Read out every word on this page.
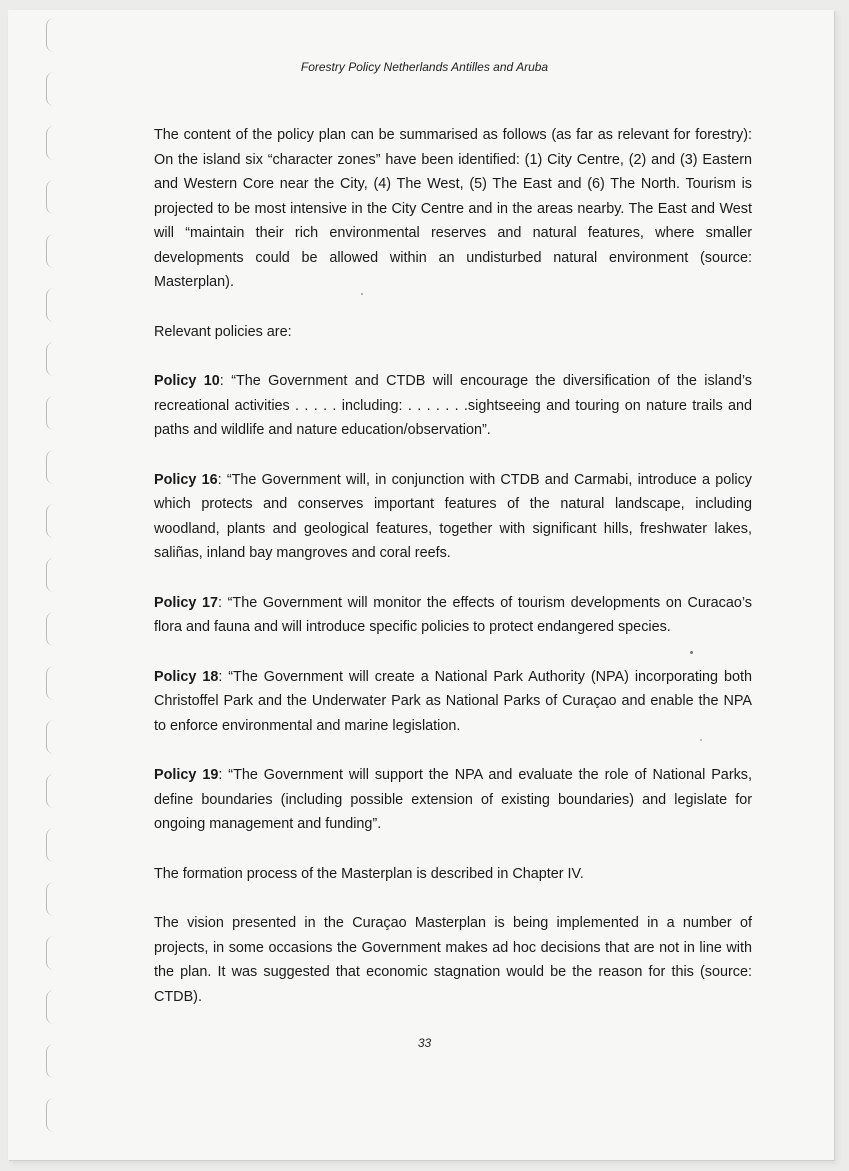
Forestry Policy Netherlands Antilles and Aruba

The content of the policy plan can be summarised as follows (as far as relevant for forestry): On the island six “character zones” have been identified: (1) City Centre, (2) and (3) Eastern and Western Core near the City, (4) The West, (5) The East and (6) The North. Tourism is projected to be most intensive in the City Centre and in the areas nearby. The East and West will “maintain their rich environmental reserves and natural features, where smaller developments could be allowed within an undisturbed natural environment (source: Masterplan).

Relevant policies are:

Policy 10: “The Government and CTDB will encourage the diversification of the island’s recreational activities . . . . . including: . . . . . . .sightseeing and touring on nature trails and paths and wildlife and nature education/observation”.

Policy 16: “The Government will, in conjunction with CTDB and Carmabi, introduce a policy which protects and conserves important features of the natural landscape, including woodland, plants and geological features, together with significant hills, freshwater lakes, saliñas, inland bay mangroves and coral reefs.

Policy 17: “The Government will monitor the effects of tourism developments on Curacao’s flora and fauna and will introduce specific policies to protect endangered species.

Policy 18: “The Government will create a National Park Authority (NPA) incorporating both Christoffel Park and the Underwater Park as National Parks of Curaçao and enable the NPA to enforce environmental and marine legislation.

Policy 19: “The Government will support the NPA and evaluate the role of National Parks, define boundaries (including possible extension of existing boundaries) and legislate for ongoing management and funding”.

The formation process of the Masterplan is described in Chapter IV.

The vision presented in the Curaçao Masterplan is being implemented in a number of projects, in some occasions the Government makes ad hoc decisions that are not in line with the plan. It was suggested that economic stagnation would be the reason for this (source: CTDB).

33
